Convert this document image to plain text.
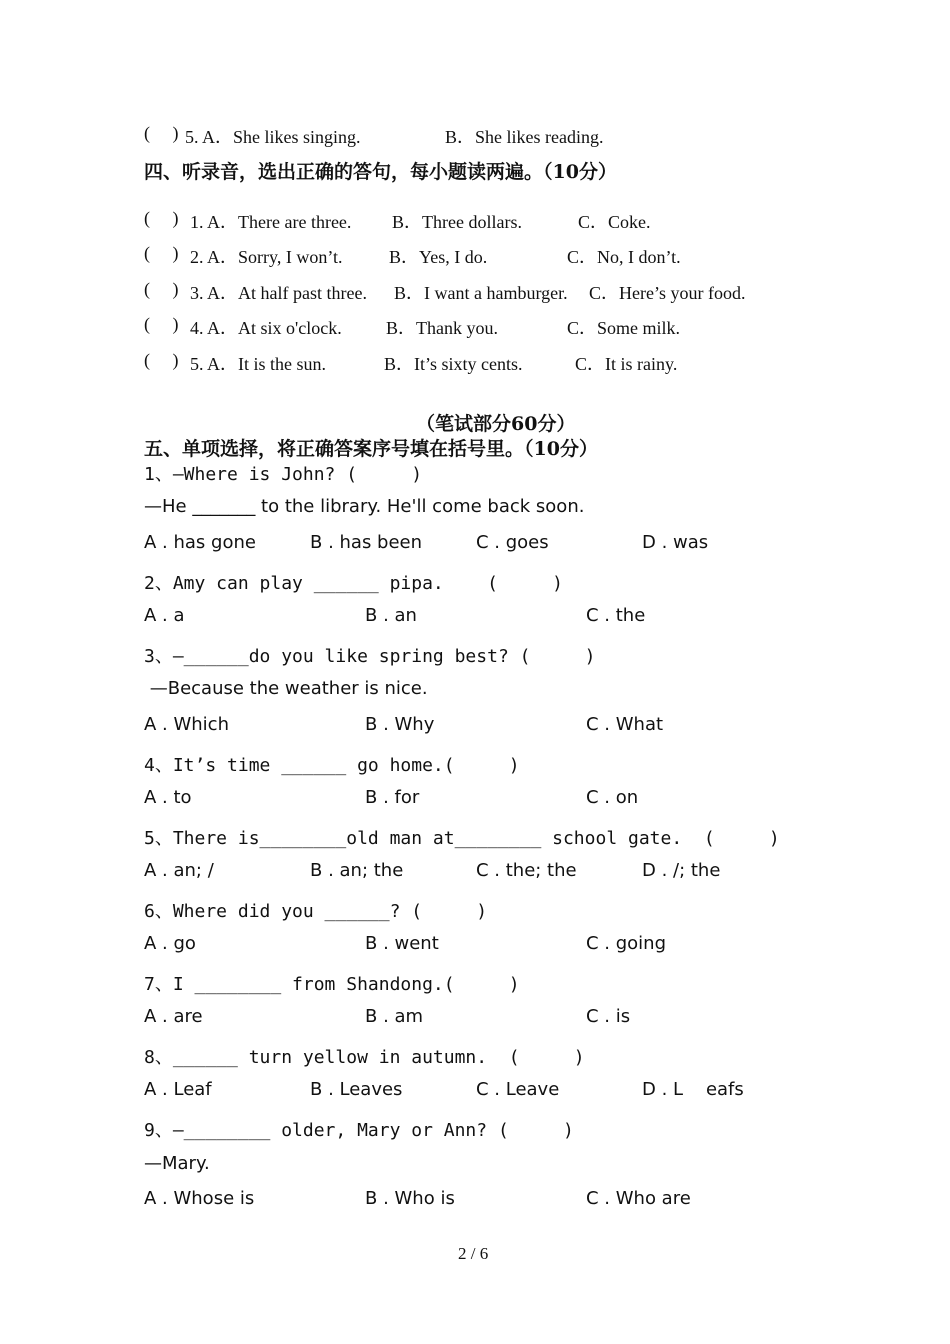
(     ) 5. A．She likes singing.	B．She likes reading.
四、听录音，选出正确的答句，每小题读两遍。（10分）
(     ) 1. A．There are three. B．Three dollars.	C．Coke.
(     ) 2. A．Sorry, I won’t.	B．Yes, I do.	C．No, I don’t.
(     ) 3. A．At half past three. B．I want a hamburger. C．Here’s your food.
(     ) 4. A．At six o'clock. B．Thank you.	C．Some milk.
(     ) 5. A．It is the sun.	B．It’s sixty cents.	C．It is rainy.
（笔试部分60分）
五、单项选择，将正确答案序号填在括号里。（10分）
1、—Where is John? (     )
—He _______ to the library. He'll come back soon.
A . has gone	B . has been	C . goes	D . was
2、Amy can play ______ pipa.    (     )
A . a	B . an	C . the
3、—______do you like spring best? (     )
—Because the weather is nice.
A . Which	B . Why	C . What
4、It’s time ______ go home.(     )
A . to	B . for	C . on
5、There is________old man at________ school gate.  (     )
A . an; /	B . an; the	C . the; the	D . /; the
6、Where did you ______? (     )
A . go	B . went	C . going
7、I ________ from Shandong.(     )
A . are	B . am	C . is
8、______ turn yellow in autumn.  (     )
A . Leaf	B . Leaves	C . Leave	D . L    eafs
9、—________ older, Mary or Ann? (     )
—Mary.
A . Whose is	B . Who is	C . Who are
2 / 6
